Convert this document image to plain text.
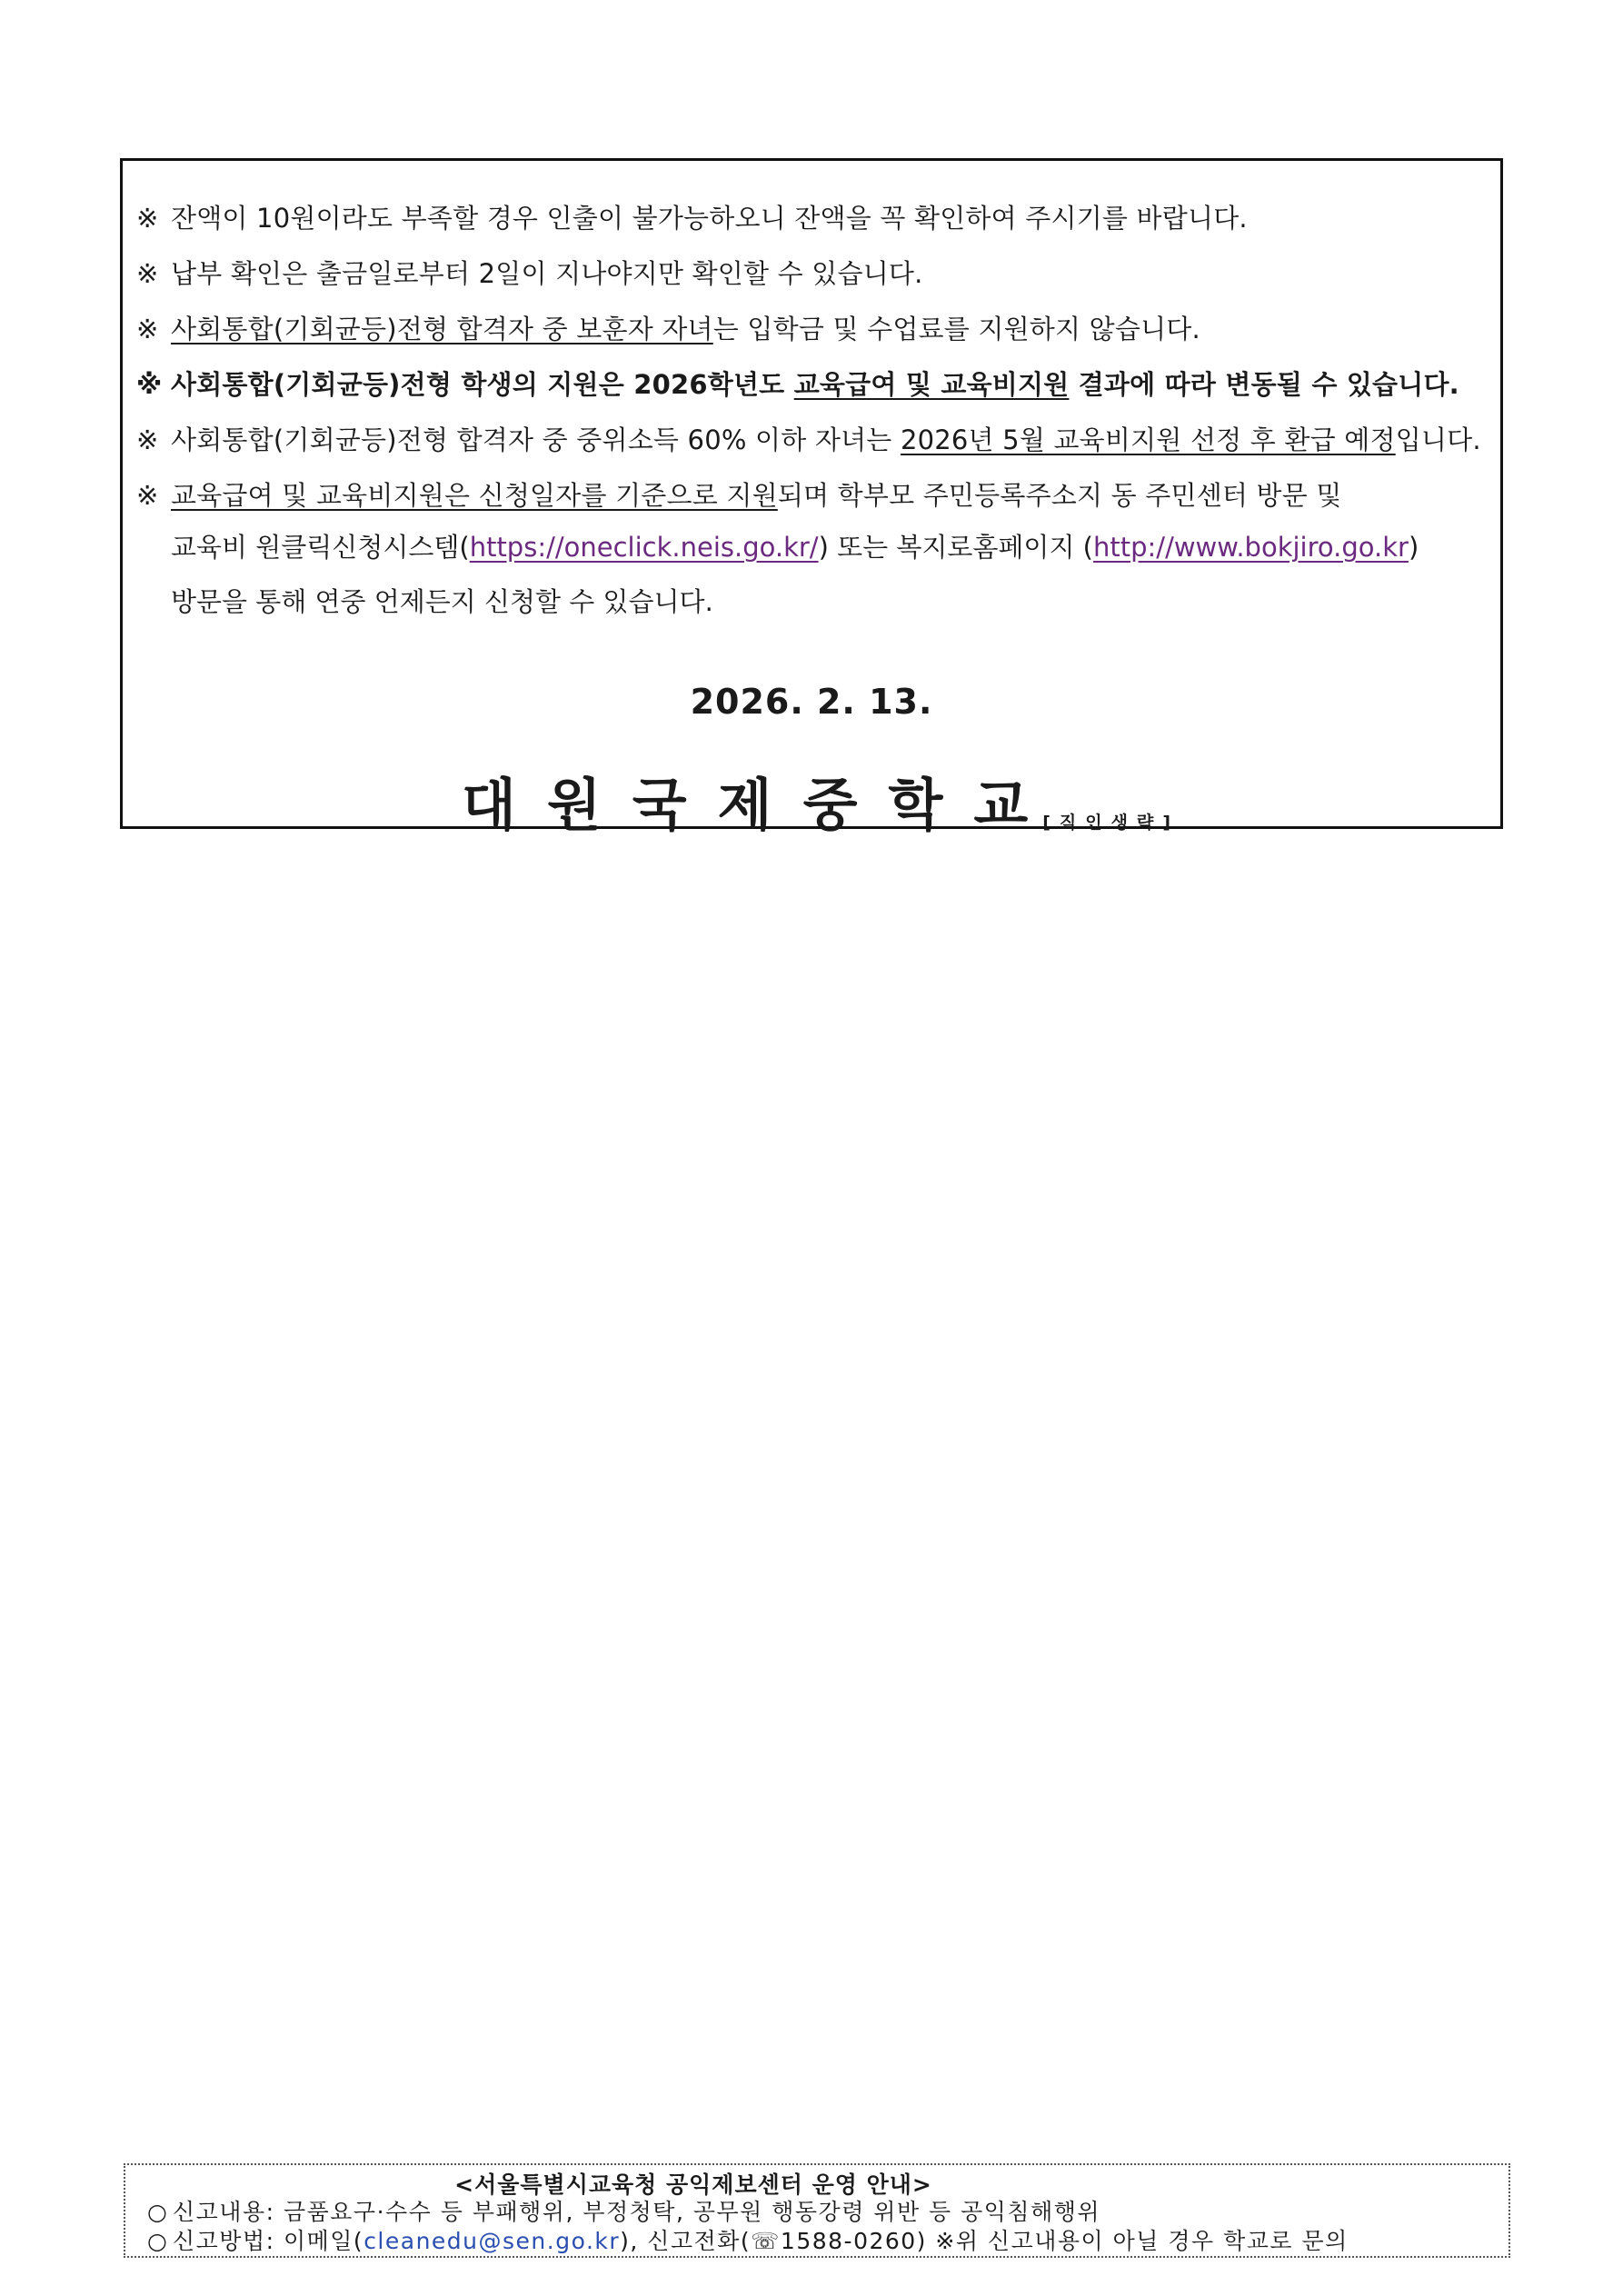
※ 잔액이 10원이라도 부족할 경우 인출이 불가능하오니 잔액을 꼭 확인하여 주시기를 바랍니다.
※ 납부 확인은 출금일로부터 2일이 지나야지만 확인할 수 있습니다.
※ 사회통합(기회균등)전형 합격자 중 보훈자 자녀는 입학금 및 수업료를 지원하지 않습니다.
※ 사회통합(기회균등)전형 학생의 지원은 2026학년도 교육급여 및 교육비지원 결과에 따라 변동될 수 있습니다.
※ 사회통합(기회균등)전형 합격자 중 중위소득 60% 이하 자녀는 2026년 5월 교육비지원 선정 후 환급 예정입니다.
※ 교육급여 및 교육비지원은 신청일자를 기준으로 지원되며 학부모 주민등록주소지 동 주민센터 방문 및
교육비 원클릭신청시스템(https://oneclick.neis.go.kr/) 또는 복지로홈페이지 (http://www.bokjiro.go.kr)
방문을 통해 연중 언제든지 신청할 수 있습니다.
2026. 2. 13.
대원국제중학교[직인생략]
<서울특별시교육청 공익제보센터 운영 안내>
○ 신고내용: 금품요구·수수 등 부패행위, 부정청탁, 공무원 행동강령 위반 등 공익침해행위
○ 신고방법: 이메일(cleanedu@sen.go.kr), 신고전화(☏1588-0260) ※위 신고내용이 아닐 경우 학교로 문의
